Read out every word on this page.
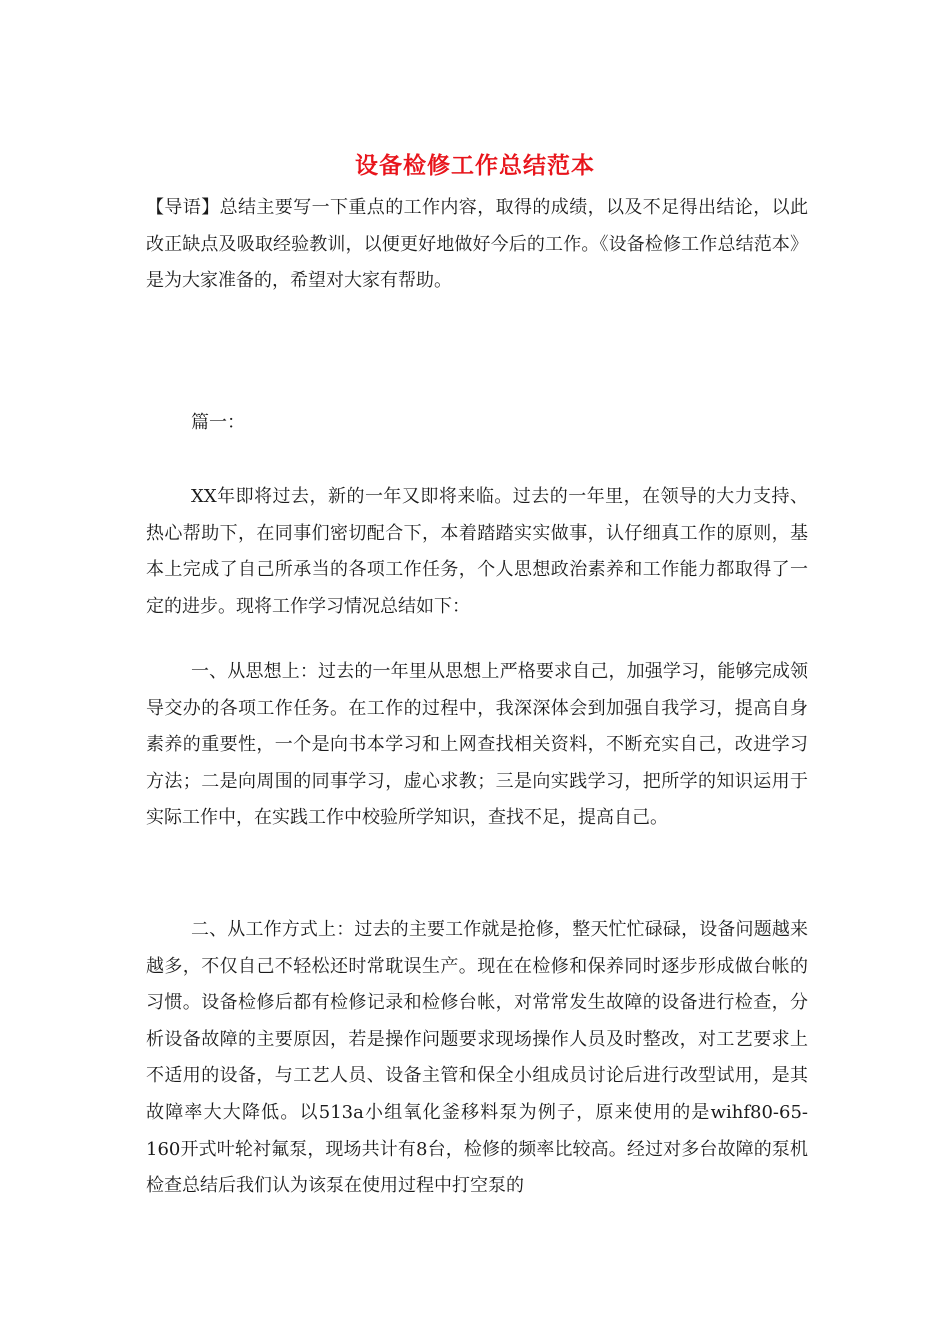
设备检修工作总结范本

【导语】总结主要写一下重点的工作内容，取得的成绩，以及不足得出结论，以此改正缺点及吸取经验教训，以便更好地做好今后的工作。《设备检修工作总结范本》是为大家准备的，希望对大家有帮助。

篇一：

XX年即将过去，新的一年又即将来临。过去的一年里，在领导的大力支持、热心帮助下，在同事们密切配合下，本着踏踏实实做事，认仔细真工作的原则，基本上完成了自己所承当的各项工作任务，个人思想政治素养和工作能力都取得了一定的进步。现将工作学习情况总结如下：

一、从思想上：过去的一年里从思想上严格要求自己，加强学习，能够完成领导交办的各项工作任务。在工作的过程中，我深深体会到加强自我学习，提高自身素养的重要性，一个是向书本学习和上网查找相关资料，不断充实自己，改进学习方法；二是向周围的同事学习，虚心求教；三是向实践学习，把所学的知识运用于实际工作中，在实践工作中校验所学知识，查找不足，提高自己。

二、从工作方式上：过去的主要工作就是抢修，整天忙忙碌碌，设备问题越来越多，不仅自己不轻松还时常耽误生产。现在在检修和保养同时逐步形成做台帐的习惯。设备检修后都有检修记录和检修台帐，对常常发生故障的设备进行检查，分析设备故障的主要原因，若是操作问题要求现场操作人员及时整改，对工艺要求上不适用的设备，与工艺人员、设备主管和保全小组成员讨论后进行改型试用，是其故障率大大降低。以513a小组氧化釜移料泵为例子，原来使用的是wihf80-65-160开式叶轮衬氟泵，现场共计有8台，检修的频率比较高。经过对多台故障的泵机检查总结后我们认为该泵在使用过程中打空泵的
